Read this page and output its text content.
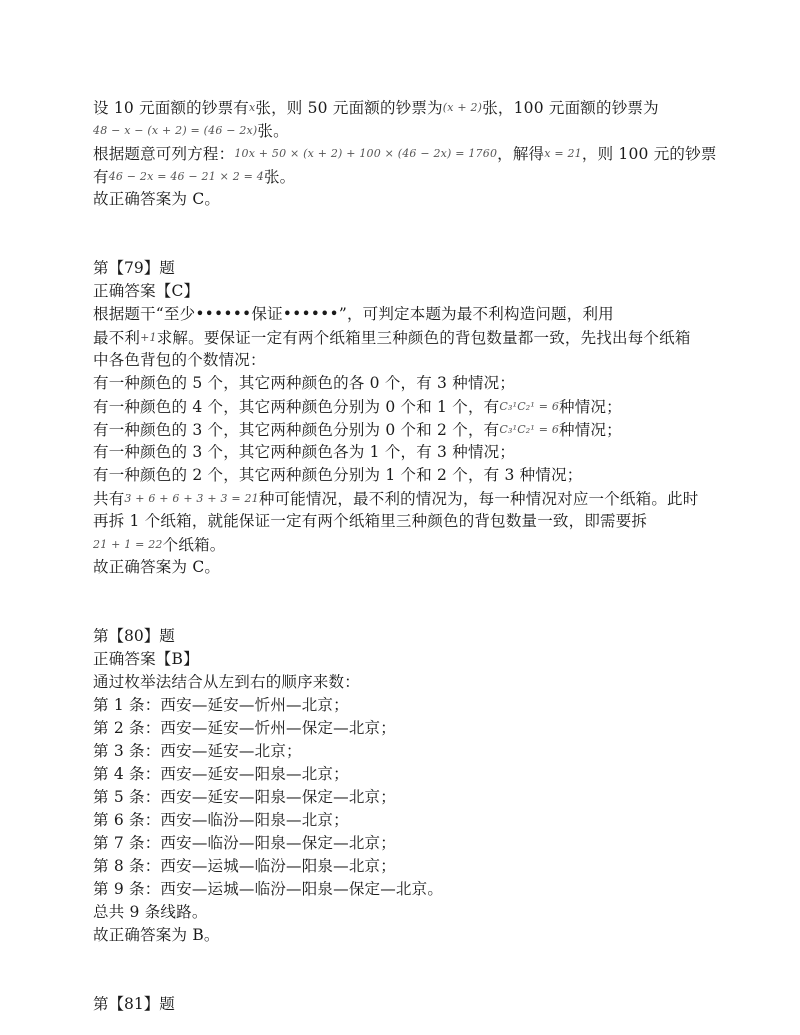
设 10 元面额的钞票有x张，则 50 元面额的钞票为(x + 2)张，100 元面额的钞票为
48 − x − (x + 2) = (46 − 2x)张。
根据题意可列方程：10x + 50 × (x + 2) + 100 × (46 − 2x) = 1760，解得x = 21，则 100 元的钞票
有46 − 2x = 46 − 21 × 2 = 4张。
故正确答案为 C。
第【79】题
正确答案【C】
根据题干“至少••••••保证••••••”，可判定本题为最不利构造问题，利用
最不利+1求解。要保证一定有两个纸箱里三种颜色的背包数量都一致，先找出每个纸箱
中各色背包的个数情况：
有一种颜色的 5 个，其它两种颜色的各 0 个，有 3 种情况；
有一种颜色的 4 个，其它两种颜色分别为 0 个和 1 个，有C₃¹C₂¹ = 6种情况；
有一种颜色的 3 个，其它两种颜色分别为 0 个和 2 个，有C₃¹C₂¹ = 6种情况；
有一种颜色的 3 个，其它两种颜色各为 1 个，有 3 种情况；
有一种颜色的 2 个，其它两种颜色分别为 1 个和 2 个，有 3 种情况；
共有3 + 6 + 6 + 3 + 3 = 21种可能情况，最不利的情况为，每一种情况对应一个纸箱。此时
再拆 1 个纸箱，就能保证一定有两个纸箱里三种颜色的背包数量一致，即需要拆
21 + 1 = 22个纸箱。
故正确答案为 C。
第【80】题
正确答案【B】
通过枚举法结合从左到右的顺序来数：
第 1 条：西安—延安—忻州—北京；
第 2 条：西安—延安—忻州—保定—北京；
第 3 条：西安—延安—北京；
第 4 条：西安—延安—阳泉—北京；
第 5 条：西安—延安—阳泉—保定—北京；
第 6 条：西安—临汾—阳泉—北京；
第 7 条：西安—临汾—阳泉—保定—北京；
第 8 条：西安—运城—临汾—阳泉—北京；
第 9 条：西安—运城—临汾—阳泉—保定—北京。
总共 9 条线路。
故正确答案为 B。
第【81】题
